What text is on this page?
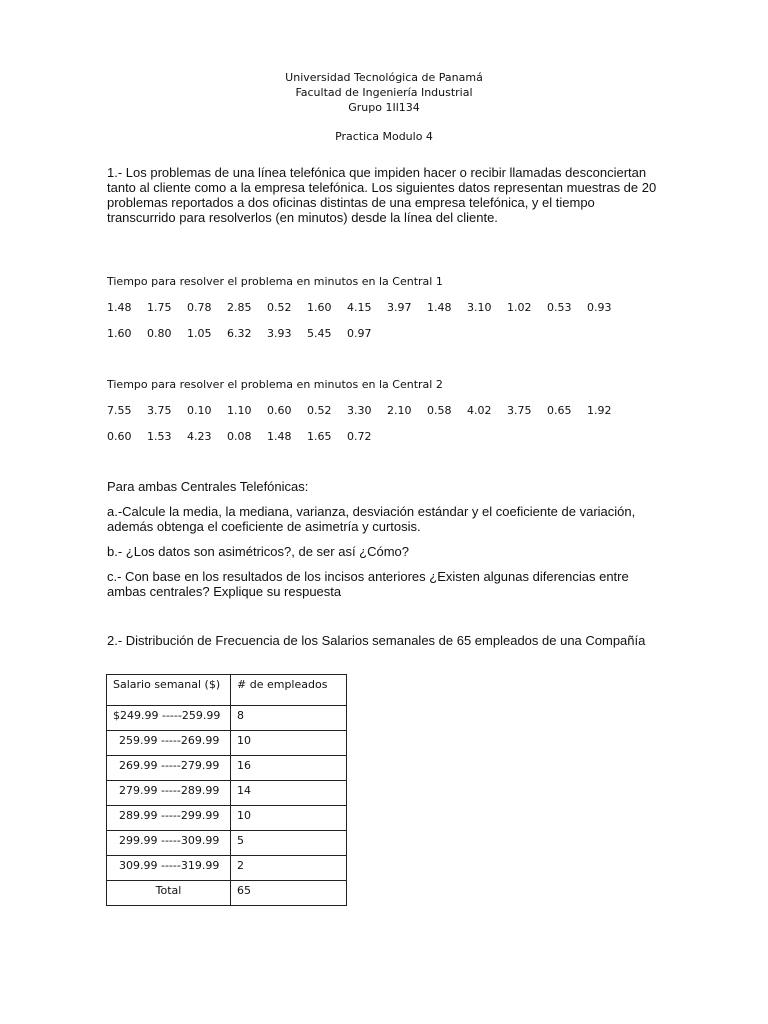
Universidad Tecnológica de Panamá
Facultad de Ingeniería Industrial
Grupo 1Il134
Practica Modulo 4
1.- Los problemas de una línea telefónica que impiden hacer o recibir llamadas desconciertan tanto al cliente como a la empresa telefónica. Los siguientes datos representan muestras de 20 problemas reportados a dos oficinas distintas de una empresa telefónica, y el tiempo transcurrido para resolverlos (en minutos) desde la línea del cliente.
Tiempo para resolver el problema en minutos en la Central 1
1.48 1.75 0.78 2.85 0.52 1.60 4.15 3.97 1.48 3.10 1.02 0.53 0.93
1.60 0.80 1.05 6.32 3.93 5.45 0.97
Tiempo para resolver el problema en minutos en la Central 2
7.55 3.75 0.10 1.10 0.60 0.52 3.30 2.10 0.58 4.02 3.75 0.65 1.92
0.60 1.53 4.23 0.08 1.48 1.65 0.72
Para ambas Centrales Telefónicas:
a.-Calcule la media, la mediana, varianza, desviación estándar y el coeficiente de variación, además obtenga el coeficiente de asimetría y curtosis.
b.- ¿Los datos son asimétricos?, de ser así ¿Cómo?
c.- Con base en los resultados de los incisos anteriores ¿Existen algunas diferencias entre ambas centrales? Explique su respuesta
2.- Distribución de Frecuencia de los Salarios semanales de 65 empleados de una Compañía
Salario semanal ($)	# de empleados
$249.99 -----259.99	8
259.99 -----269.99	10
269.99 -----279.99	16
279.99 -----289.99	14
289.99 -----299.99	10
299.99 -----309.99	5
309.99 -----319.99	2
Total	65
